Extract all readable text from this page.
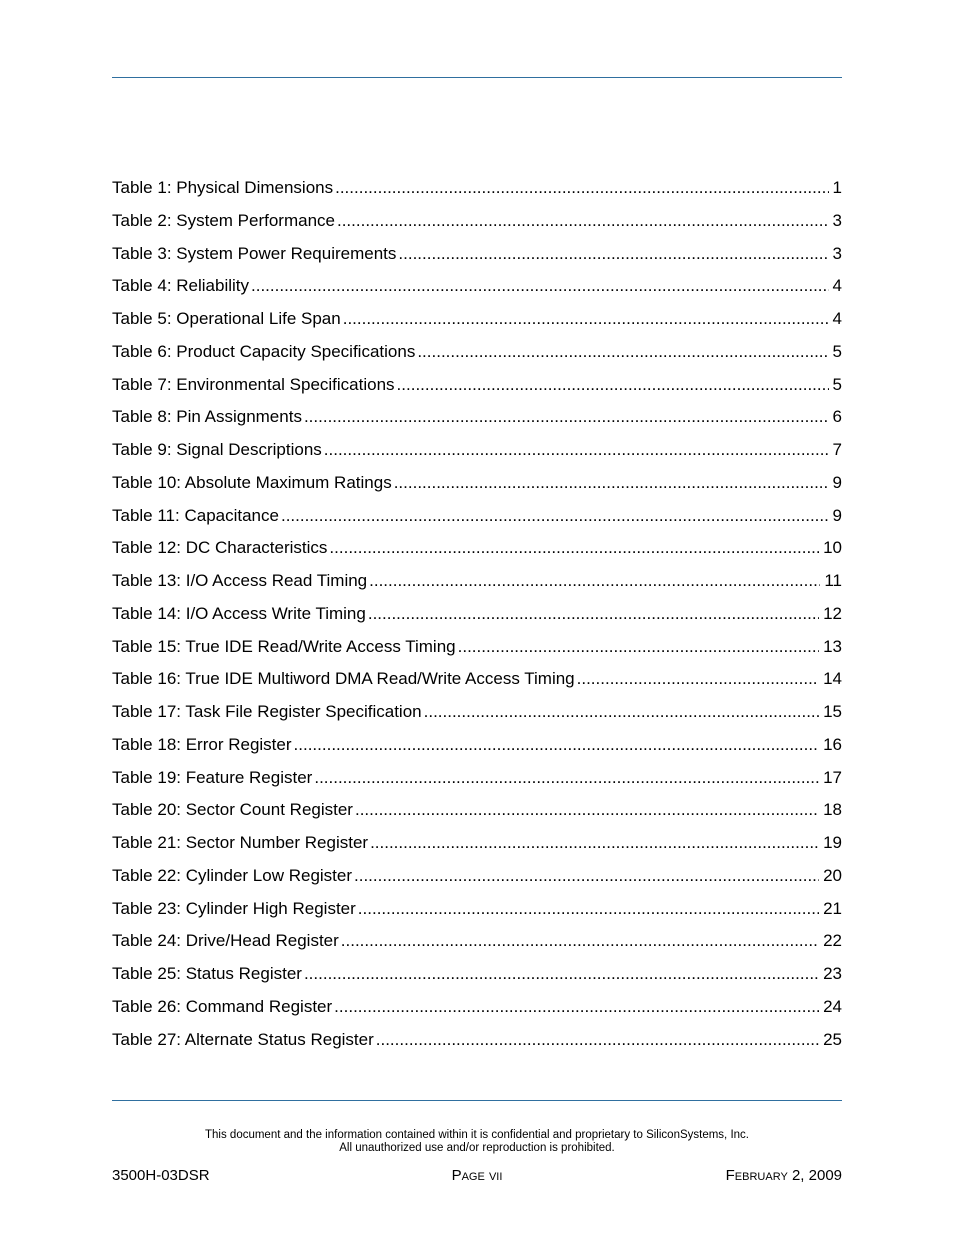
Table 1: Physical Dimensions .....	1
Table 2: System Performance .....	3
Table 3: System Power Requirements .....	3
Table 4: Reliability .....	4
Table 5: Operational Life Span .....	4
Table 6: Product Capacity Specifications .....	5
Table 7: Environmental Specifications .....	5
Table 8: Pin Assignments .....	6
Table 9: Signal Descriptions .....	7
Table 10: Absolute Maximum Ratings .....	9
Table 11: Capacitance .....	9
Table 12: DC Characteristics .....	10
Table 13: I/O Access Read Timing .....	11
Table 14: I/O Access Write Timing .....	12
Table 15: True IDE Read/Write Access Timing .....	13
Table 16: True IDE Multiword DMA Read/Write Access Timing .....	14
Table 17: Task File Register Specification .....	15
Table 18: Error Register .....	16
Table 19: Feature Register .....	17
Table 20: Sector Count Register .....	18
Table 21: Sector Number Register .....	19
Table 22: Cylinder Low Register .....	20
Table 23: Cylinder High Register .....	21
Table 24: Drive/Head Register .....	22
Table 25: Status Register .....	23
Table 26: Command Register .....	24
Table 27: Alternate Status Register .....	25
This document and the information contained within it is confidential and proprietary to SiliconSystems, Inc.
All unauthorized use and/or reproduction is prohibited.
3500H-03DSR	Page vii	February 2, 2009
